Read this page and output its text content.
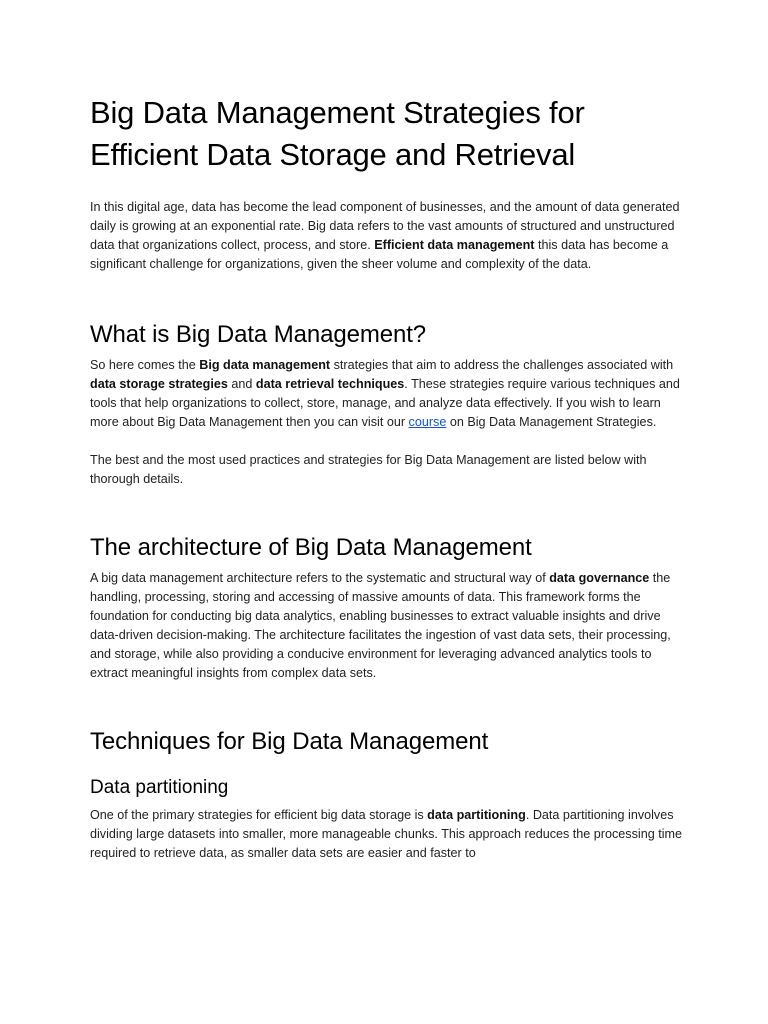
Big Data Management Strategies for Efficient Data Storage and Retrieval

In this digital age, data has become the lead component of businesses, and the amount of data generated daily is growing at an exponential rate. Big data refers to the vast amounts of structured and unstructured data that organizations collect, process, and store. Efficient data management this data has become a significant challenge for organizations, given the sheer volume and complexity of the data.

What is Big Data Management?

So here comes the Big data management strategies that aim to address the challenges associated with data storage strategies and data retrieval techniques. These strategies require various techniques and tools that help organizations to collect, store, manage, and analyze data effectively. If you wish to learn more about Big Data Management then you can visit our course on Big Data Management Strategies.

The best and the most used practices and strategies for Big Data Management are listed below with thorough details.

The architecture of Big Data Management

A big data management architecture refers to the systematic and structural way of data governance the handling, processing, storing and accessing of massive amounts of data. This framework forms the foundation for conducting big data analytics, enabling businesses to extract valuable insights and drive data-driven decision-making. The architecture facilitates the ingestion of vast data sets, their processing, and storage, while also providing a conducive environment for leveraging advanced analytics tools to extract meaningful insights from complex data sets.

Techniques for Big Data Management
Data partitioning

One of the primary strategies for efficient big data storage is data partitioning. Data partitioning involves dividing large datasets into smaller, more manageable chunks. This approach reduces the processing time required to retrieve data, as smaller data sets are easier and faster to
